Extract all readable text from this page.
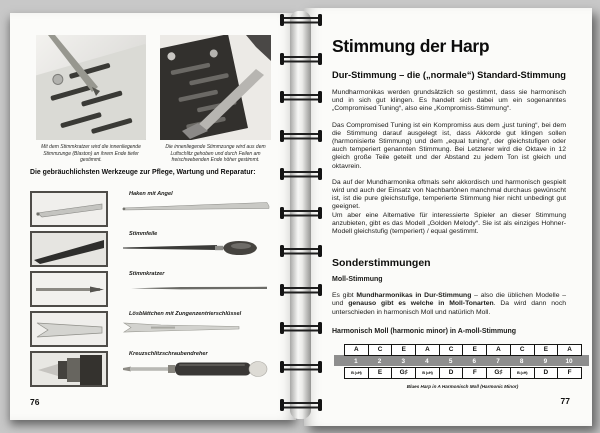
Mit dem Stimmkratzer wird die innenliegende Stimmzunge (Blaston) an ihrem Ende tiefer gestimmt.
Die innenliegende Stimmzunge wird aus dem Luftschlitz gehoben und durch Feilen am freischwebenden Ende höher gestimmt.
Die gebräuchlichsten Werkzeuge zur Pflege, Wartung und Reparatur:
Haken mit Angel
Stimmfeile
Stimmkratzer
Lösblättchen mit Zungenzentrierschlüssel
Kreuzschlitzschraubendreher
76
Stimmung der Harp
Dur-Stimmung – die („normale“) Standard-Stimmung

Mundharmonikas werden grundsätzlich so gestimmt, dass sie harmonisch und in sich gut klingen. Es handelt sich dabei um ein sogenanntes „Compromised Tuning“, also eine „Kompromiss-Stimmung“.

Das Compromised Tuning ist ein Kompromiss aus dem „just tuning“, bei dem die Stimmung darauf ausgelegt ist, dass Akkorde gut klingen sollen (harmonisierte Stimmung) und dem „equal tuning“, der gleichstufigen oder auch temperiert genannten Stimmung. Bei Letzterer wird die Oktave in 12 gleich große Teile geteilt und der Abstand zu jedem Ton ist gleich und oktavrein.

Da auf der Mundharmonika oftmals sehr akkordisch und harmonisch gespielt wird und auch der Einsatz von Nachbartönen manchmal durchaus gewünscht ist, ist die pure gleichstufige, temperierte Stimmung hier nicht unbedingt gut geeignet.

Um aber eine Alternative für interessierte Spieler an dieser Stimmung anzubieten, gibt es das Modell „Golden Melody“. Sie ist als einziges Hohner-Modell gleichstufig (temperiert) / equal gestimmt.

Sonderstimmungen
Moll-Stimmung

Es gibt Mundharmonikas in Dur-Stimmung – also die üblichen Modelle – und genauso gibt es welche in Moll-Tonarten. Da wird dann noch unterschieden in harmonisch Moll und natürlich Moll.

Harmonisch Moll (harmonic minor) in A-moll-Stimmung
A	C	E	A	C	E	A	C	E	A
1	2	3	4	5	6	7	8	9	10
B (=H)	E	G♯	B (=H)	D	F	G♯	B (=H)	D	F
Blues Harp in A Harmonisch Moll (Harmonic Minor)
77
